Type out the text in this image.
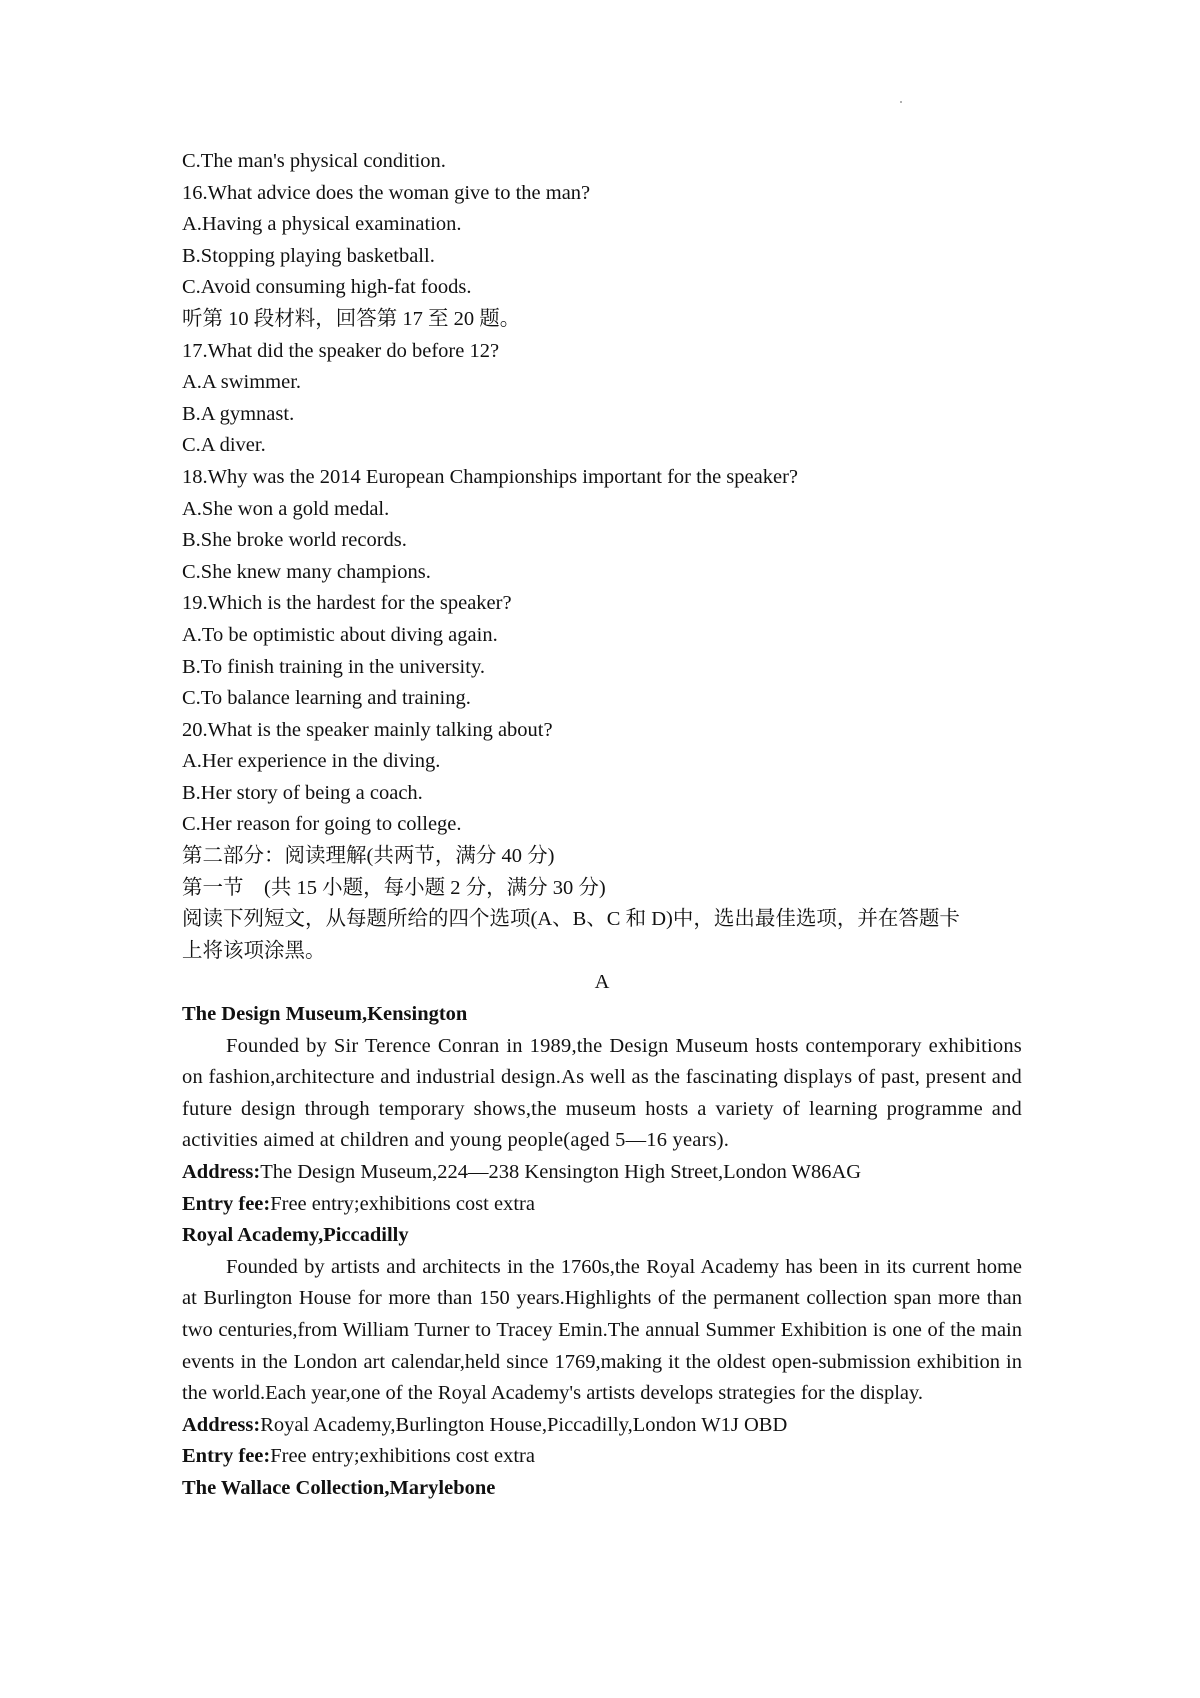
C.The man's physical condition.
16.What advice does the woman give to the man?
A.Having a physical examination.
B.Stopping playing basketball.
C.Avoid consuming high-fat foods.
听第 10 段材料，回答第 17 至 20 题。
17.What did the speaker do before 12?
A.A swimmer.
B.A gymnast.
C.A diver.
18.Why was the 2014 European Championships important for the speaker?
A.She won a gold medal.
B.She broke world records.
C.She knew many champions.
19.Which is the hardest for the speaker?
A.To be optimistic about diving again.
B.To finish training in the university.
C.To balance learning and training.
20.What is the speaker mainly talking about?
A.Her experience in the diving.
B.Her story of being a coach.
C.Her reason for going to college.
第二部分：阅读理解(共两节，满分 40 分)
第一节　(共 15 小题，每小题 2 分，满分 30 分)
阅读下列短文，从每题所给的四个选项(A、B、C 和 D)中，选出最佳选项，并在答题卡
上将该项涂黑。
A
The Design Museum,Kensington
Founded by Sir Terence Conran in 1989,the Design Museum hosts contemporary exhibitions on fashion,architecture and industrial design.As well as the fascinating displays of past, present and future design through temporary shows,the museum hosts a variety of learning programme and activities aimed at children and young people(aged 5—16 years).
Address:The Design Museum,224—238 Kensington High Street,London W86AG
Entry fee:Free entry;exhibitions cost extra
Royal Academy,Piccadilly
Founded by artists and architects in the 1760s,the Royal Academy has been in its current home at Burlington House for more than 150 years.Highlights of the permanent collection span more than two centuries,from William Turner to Tracey Emin.The annual Summer Exhibition is one of the main events in the London art calendar,held since 1769,making it the oldest open-submission exhibition in the world.Each year,one of the Royal Academy's artists develops strategies for the display.
Address:Royal Academy,Burlington House,Piccadilly,London W1J OBD
Entry fee:Free entry;exhibitions cost extra
The Wallace Collection,Marylebone
